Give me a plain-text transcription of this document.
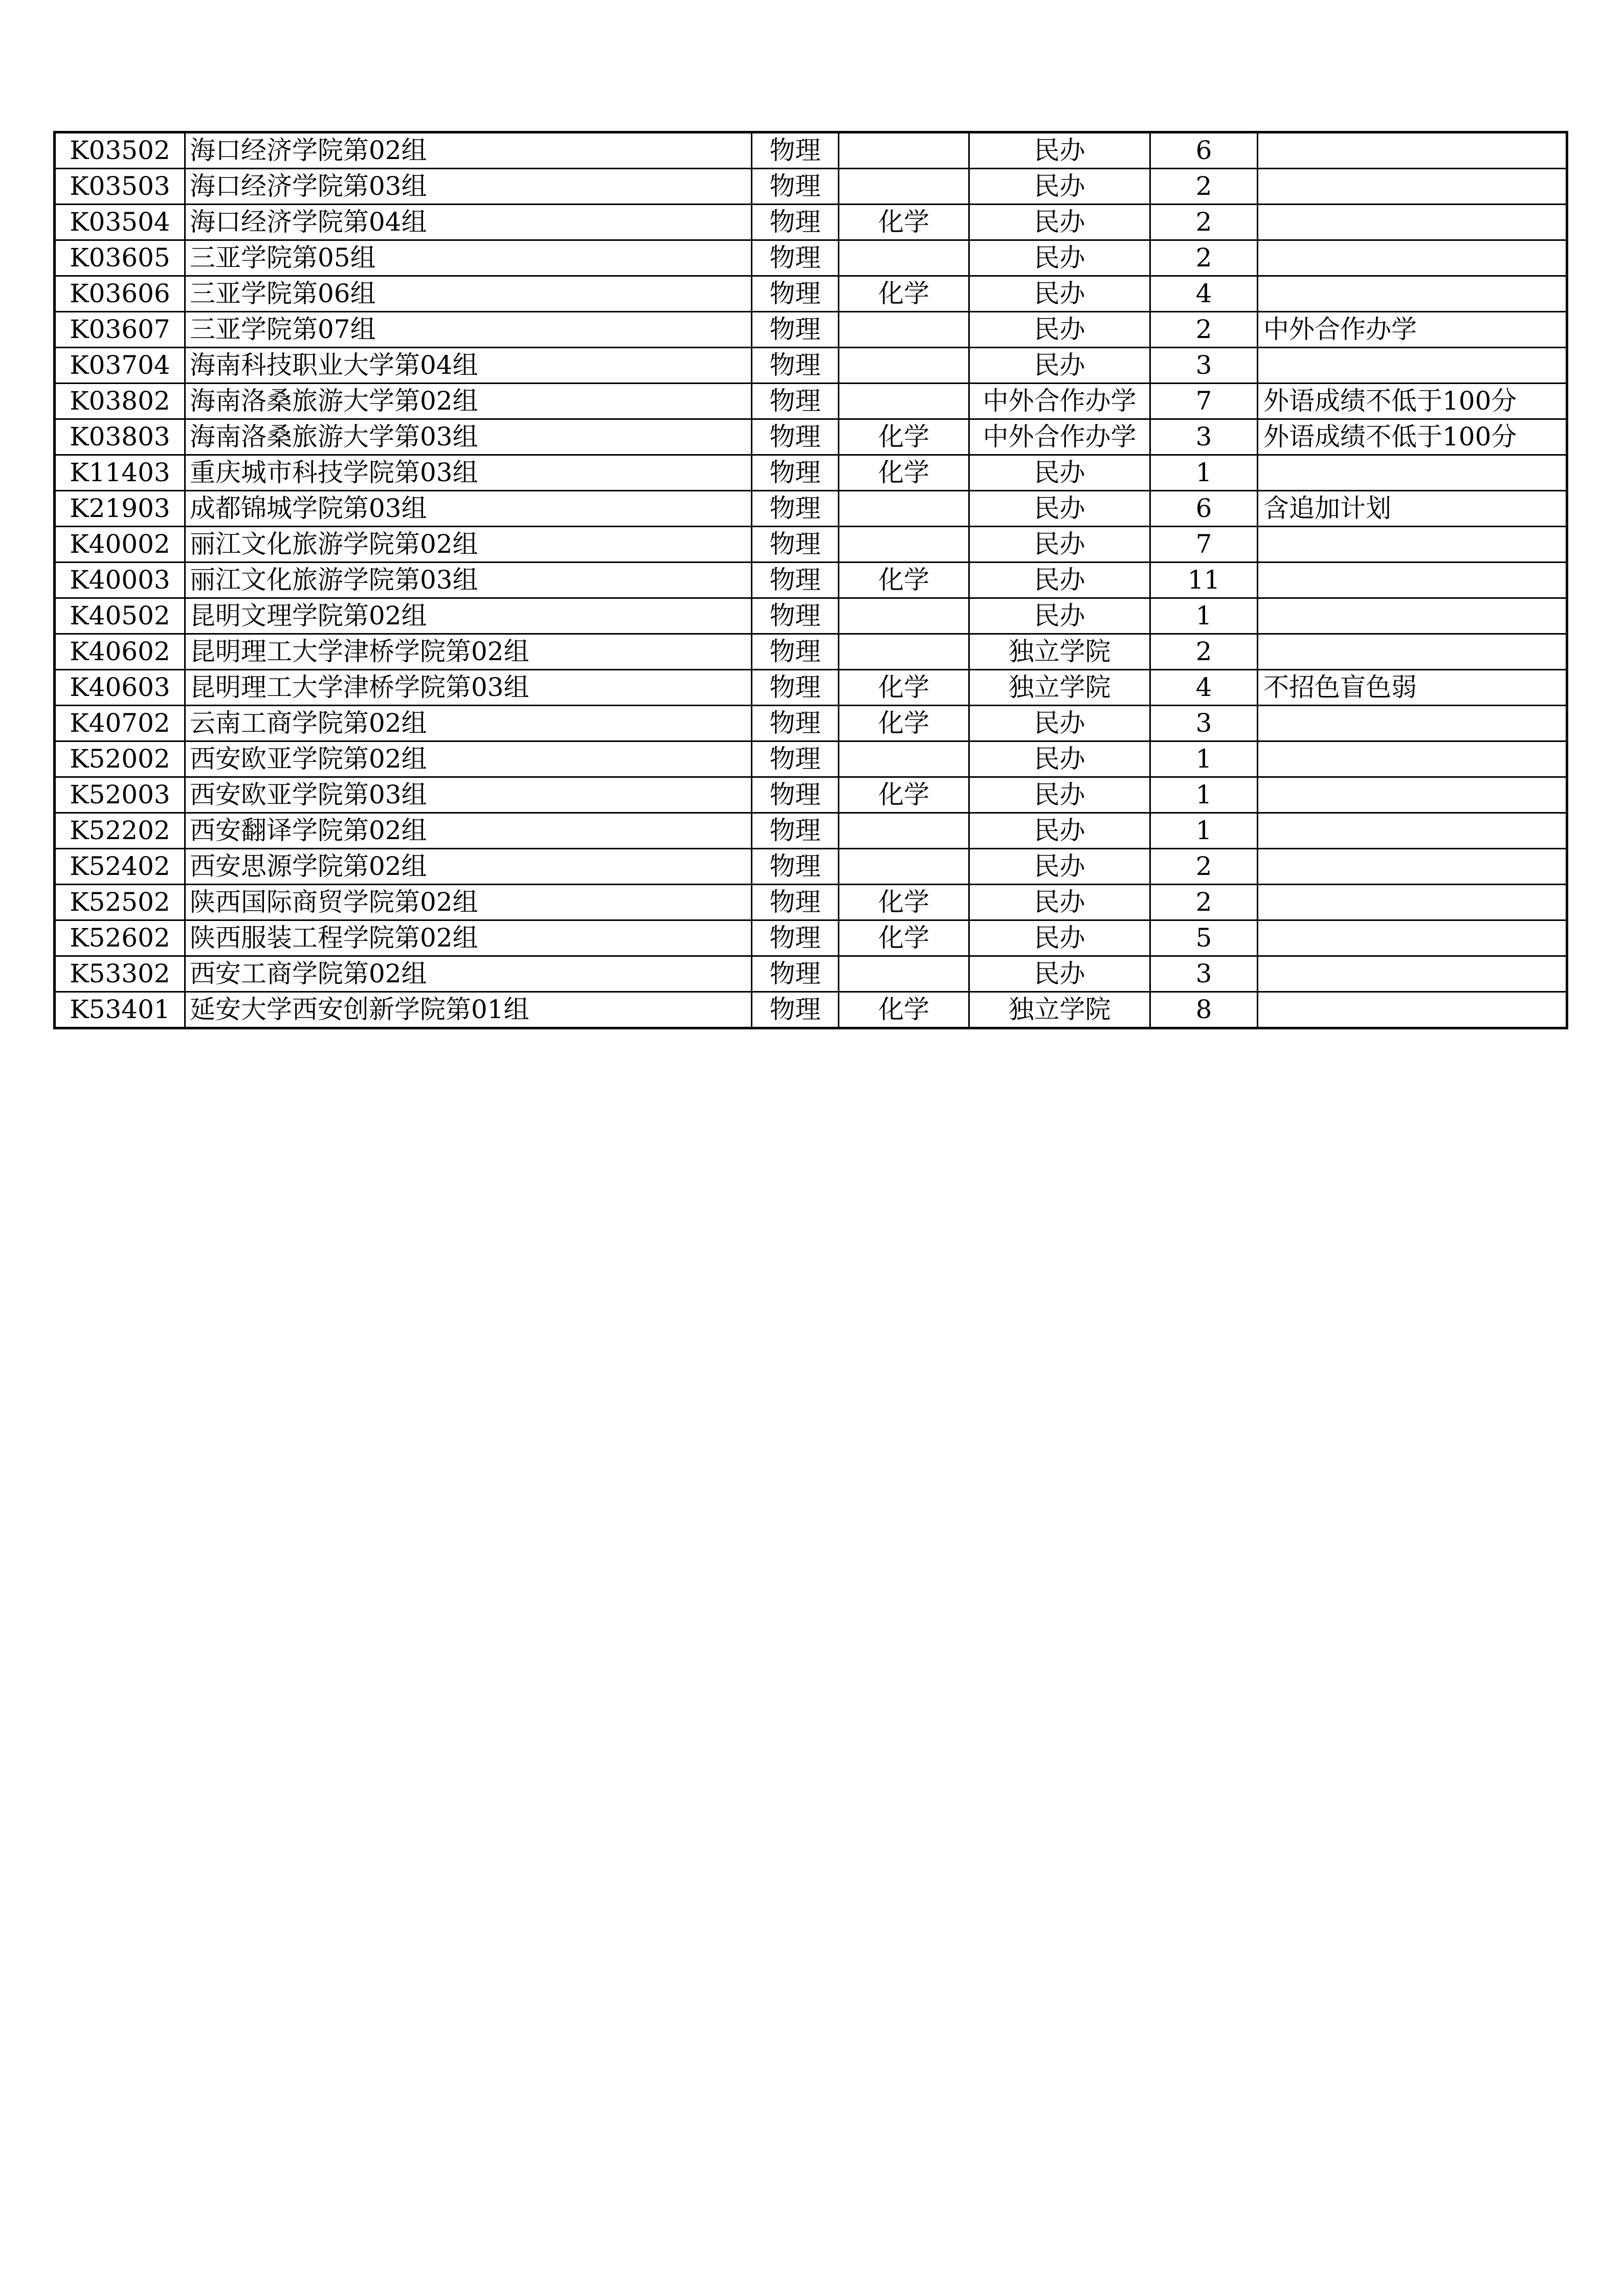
K03502	海口经济学院第02组	物理		民办	6	
K03503	海口经济学院第03组	物理		民办	2	
K03504	海口经济学院第04组	物理	化学	民办	2	
K03605	三亚学院第05组	物理		民办	2	
K03606	三亚学院第06组	物理	化学	民办	4	
K03607	三亚学院第07组	物理		民办	2	中外合作办学
K03704	海南科技职业大学第04组	物理		民办	3	
K03802	海南洛桑旅游大学第02组	物理		中外合作办学	7	外语成绩不低于100分
K03803	海南洛桑旅游大学第03组	物理	化学	中外合作办学	3	外语成绩不低于100分
K11403	重庆城市科技学院第03组	物理	化学	民办	1	
K21903	成都锦城学院第03组	物理		民办	6	含追加计划
K40002	丽江文化旅游学院第02组	物理		民办	7	
K40003	丽江文化旅游学院第03组	物理	化学	民办	11	
K40502	昆明文理学院第02组	物理		民办	1	
K40602	昆明理工大学津桥学院第02组	物理		独立学院	2	
K40603	昆明理工大学津桥学院第03组	物理	化学	独立学院	4	不招色盲色弱
K40702	云南工商学院第02组	物理	化学	民办	3	
K52002	西安欧亚学院第02组	物理		民办	1	
K52003	西安欧亚学院第03组	物理	化学	民办	1	
K52202	西安翻译学院第02组	物理		民办	1	
K52402	西安思源学院第02组	物理		民办	2	
K52502	陕西国际商贸学院第02组	物理	化学	民办	2	
K52602	陕西服装工程学院第02组	物理	化学	民办	5	
K53302	西安工商学院第02组	物理		民办	3	
K53401	延安大学西安创新学院第01组	物理	化学	独立学院	8	
